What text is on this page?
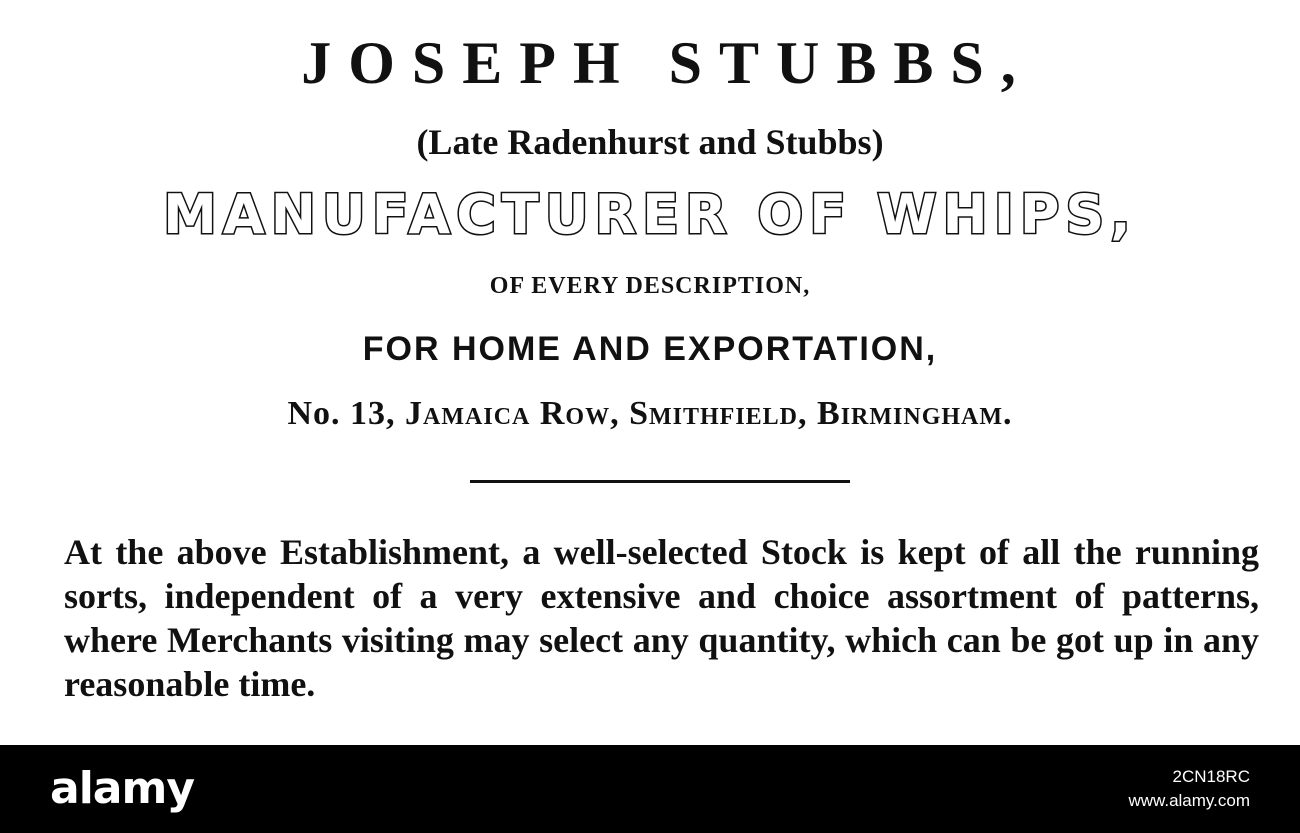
JOSEPH STUBBS,
(Late Radenhurst and Stubbs)
MANUFACTURER OF WHIPS,
OF EVERY DESCRIPTION,
FOR HOME AND EXPORTATION,
No. 13, Jamaica Row, Smithfield, Birmingham.
At the above Establishment, a well-selected Stock is kept of all the running sorts, independent of a very extensive and choice assortment of patterns, where Merchants visiting may select any quantity, which can be got up in any reasonable time.
alamy	2CN18RC
www.alamy.com
